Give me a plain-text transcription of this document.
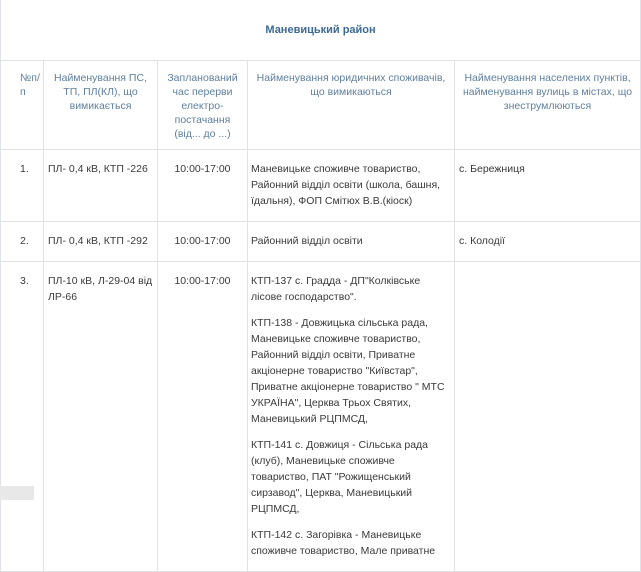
Маневицький район				
№п/п	Найменування ПС, ТП, ПЛ(КЛ), що вимикається	Запланований час перерви електро-постачання (від... до ...)	Найменування юридичних споживачів, що вимикаються	Найменування населених пунктів, найменування вулиць в містах, що знеструмлюються
1.	ПЛ- 0,4 кВ, КТП -226	10:00-17:00	Маневицьке споживче товариство, Районний відділ освіти (школа, башня, їдальня), ФОП Смітюх В.В.(кіоск)	с. Бережниця
2.	ПЛ- 0,4 кВ, КТП -292	10:00-17:00	Районний відділ освіти	с. Колодії
3.	ПЛ-10 кВ, Л-29-04 від ЛР-66	10:00-17:00	КТП-137 с. Градда - ДП"Колківське лісове господарство".

КТП-138 - Довжицька сільська рада, Маневицьке споживче товариство, Районний відділ освіти, Приватне акціонерне товариство "Київстар", Приватне акціонерне товариство " МТС УКРАЇНА", Церква Трьох Святих, Маневицький РЦПМСД,

КТП-141 с. Довжиця - Сільська рада (клуб), Маневицьке споживче товариство, ПАТ "Рожищенський сирзавод", Церква, Маневицький РЦПМСД,

КТП-142 с. Загорівка - Маневицьке споживче товариство, Мале приватне	
